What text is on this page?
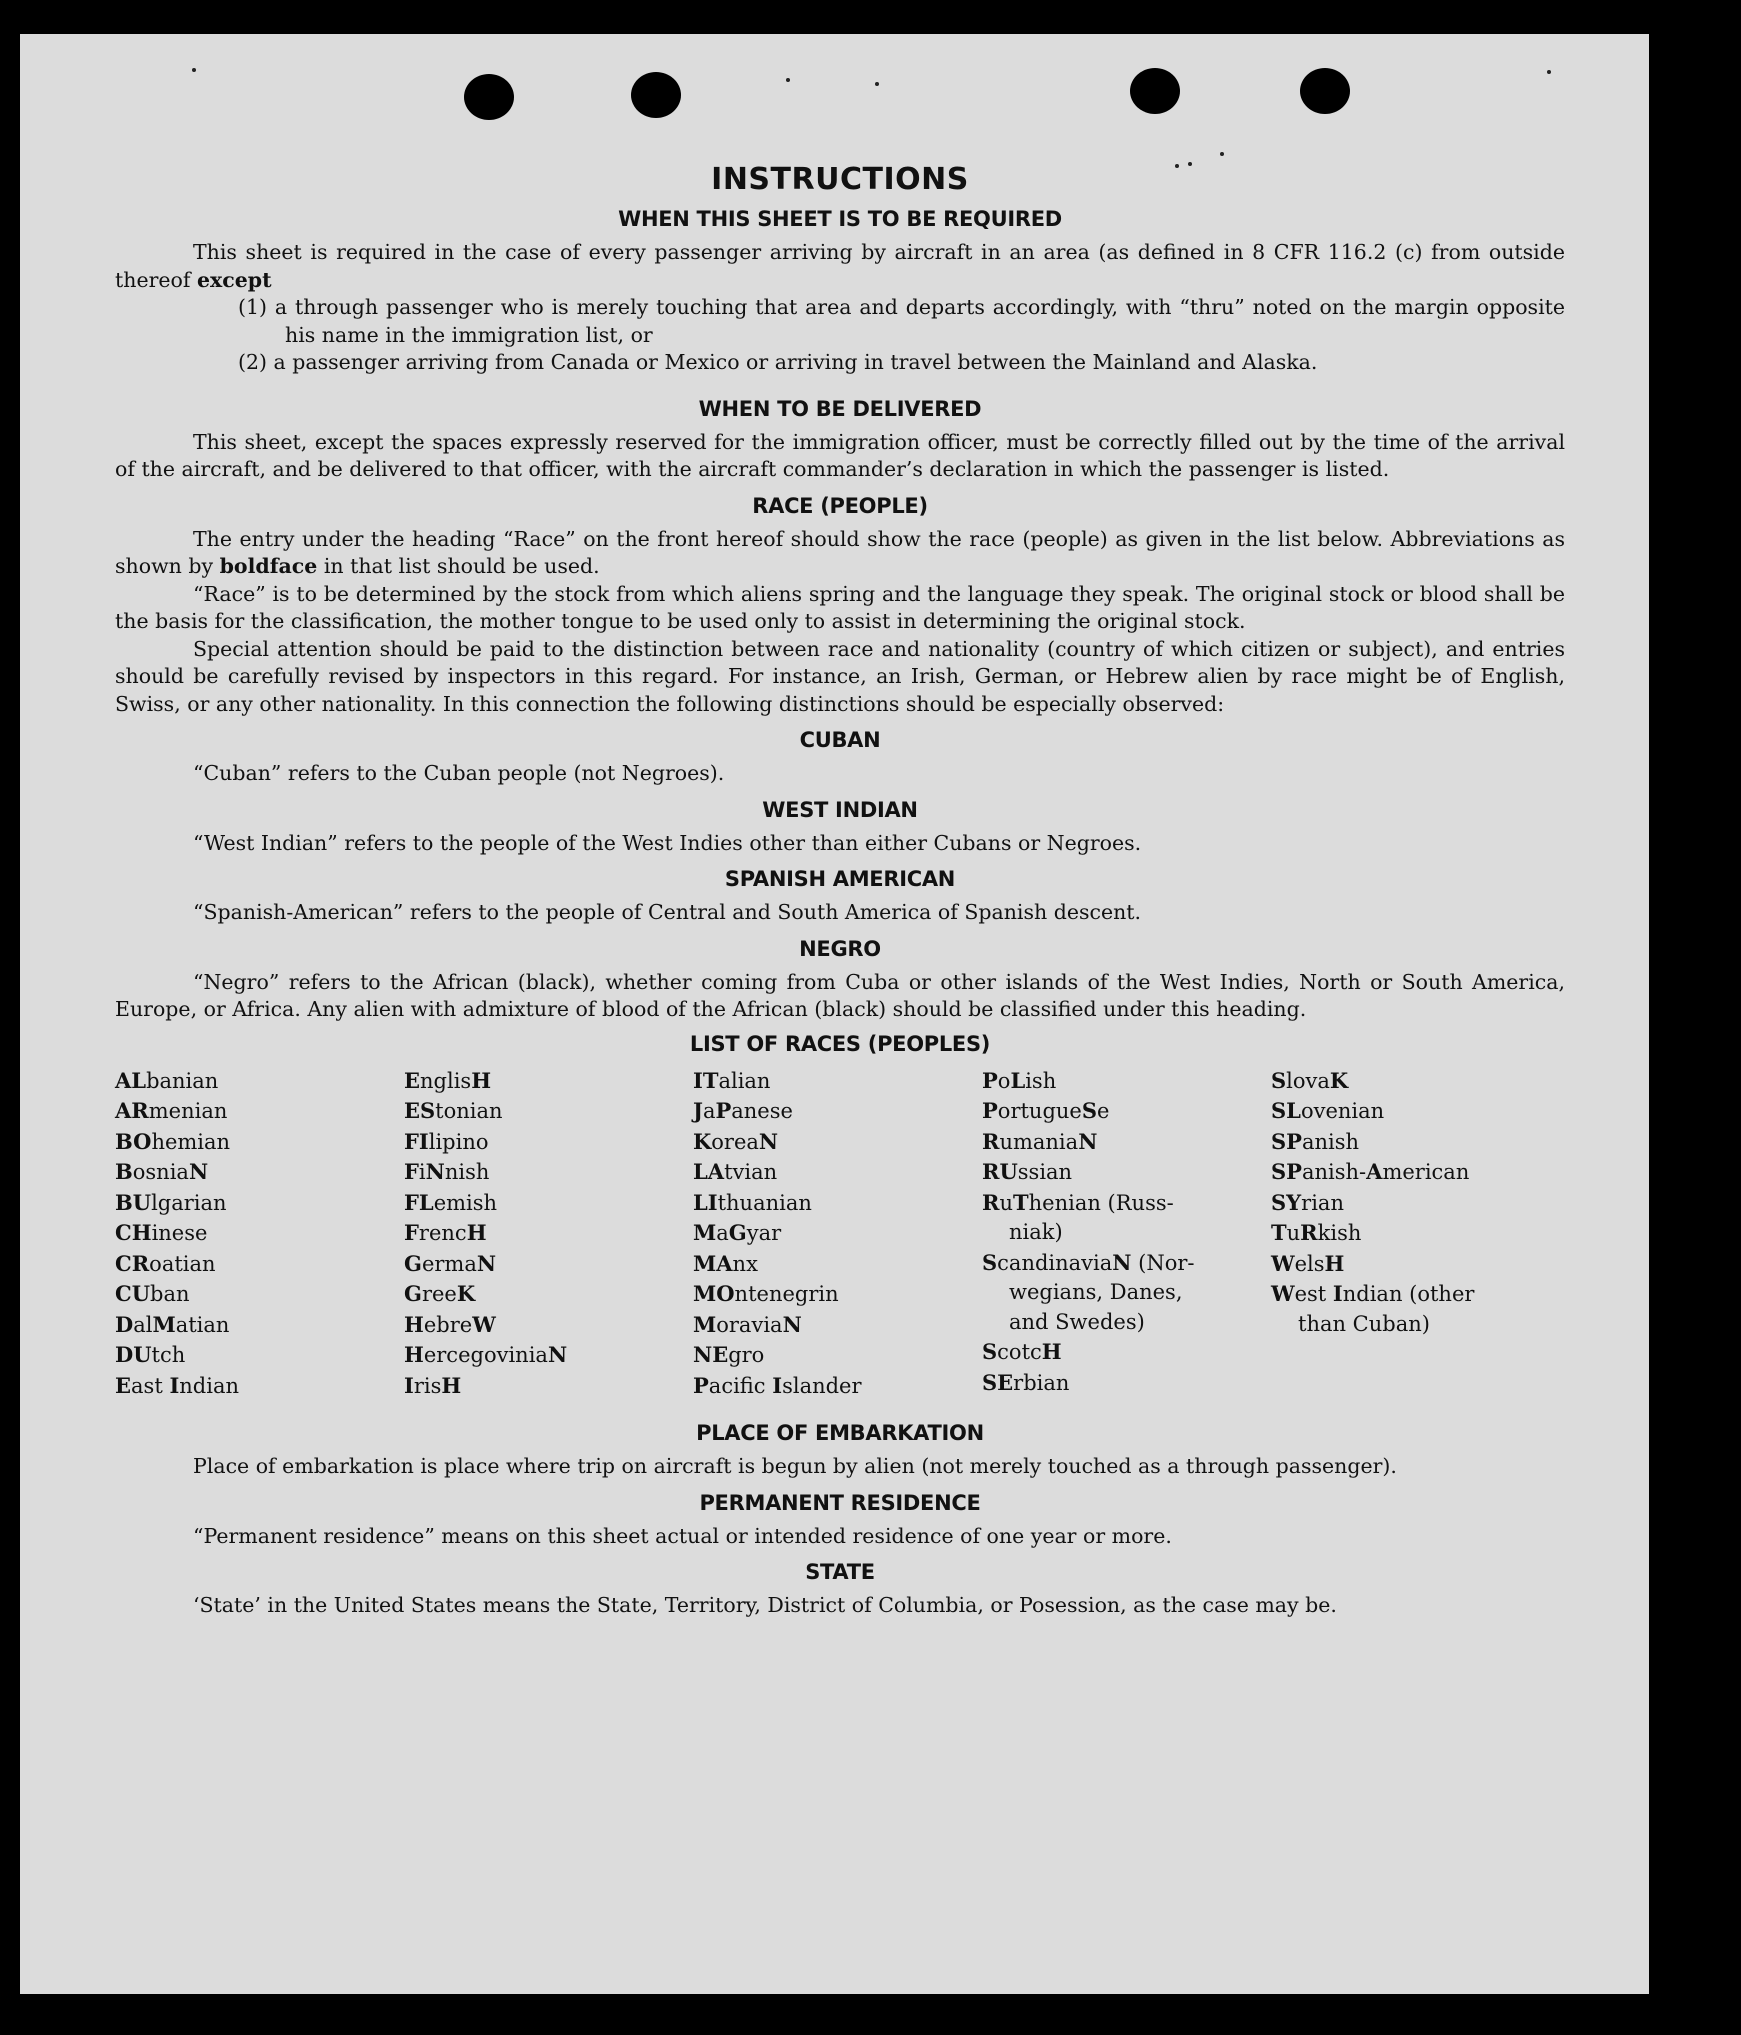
INSTRUCTIONS
WHEN THIS SHEET IS TO BE REQUIRED

This sheet is required in the case of every passenger arriving by aircraft in an area (as defined in 8 CFR 116.2 (c) from outside thereof except

(1) a through passenger who is merely touching that area and departs accordingly, with “thru” noted on the margin opposite his name in the immigration list, or
(2) a passenger arriving from Canada or Mexico or arriving in travel between the Mainland and Alaska.
WHEN TO BE DELIVERED

This sheet, except the spaces expressly reserved for the immigration officer, must be correctly filled out by the time of the arrival of the aircraft, and be delivered to that officer, with the aircraft commander’s declaration in which the passenger is listed.

RACE (PEOPLE)

The entry under the heading “Race” on the front hereof should show the race (people) as given in the list below. Abbreviations as shown by boldface in that list should be used.

“Race” is to be determined by the stock from which aliens spring and the language they speak. The original stock or blood shall be the basis for the classification, the mother tongue to be used only to assist in determining the original stock.

Special attention should be paid to the distinction between race and nationality (country of which citizen or subject), and entries should be carefully revised by inspectors in this regard. For instance, an Irish, German, or Hebrew alien by race might be of English, Swiss, or any other nationality. In this connection the following distinctions should be especially observed:

CUBAN

“Cuban” refers to the Cuban people (not Negroes).

WEST INDIAN

“West Indian” refers to the people of the West Indies other than either Cubans or Negroes.

SPANISH AMERICAN

“Spanish-American” refers to the people of Central and South America of Spanish descent.

NEGRO

“Negro” refers to the African (black), whether coming from Cuba or other islands of the West Indies, North or South America, Europe, or Africa. Any alien with admixture of blood of the African (black) should be classified under this heading.

LIST OF RACES (PEOPLES)
ALbanian
ARmenian
BOhemian
BosniaN
BUlgarian
CHinese
CRoatian
CUban
DalMatian
DUtch
East Indian
EnglisH
EStonian
FIlipino
FiNnish
FLemish
FrencH
GermaN
GreeK
HebreW
HercegoviniaN
IrisH
ITalian
JaPanese
KoreaN
LAtvian
LIthuanian
MaGyar
MAnx
MOntenegrin
MoraviaN
NEgro
Pacific Islander
PoLish
PortugueSe
RumaniaN
RUssian
RuThenian (Russ-
niak)
ScandinaviaN (Nor-
wegians, Danes,
and Swedes)
ScotcH
SErbian
SlovaK
SLovenian
SPanish
SPanish-American
SYrian
TuRkish
WelsH
West Indian (other
than Cuban)
PLACE OF EMBARKATION

Place of embarkation is place where trip on aircraft is begun by alien (not merely touched as a through passenger).

PERMANENT RESIDENCE

“Permanent residence” means on this sheet actual or intended residence of one year or more.

STATE

‘State’ in the United States means the State, Territory, District of Columbia, or Posession, as the case may be.
